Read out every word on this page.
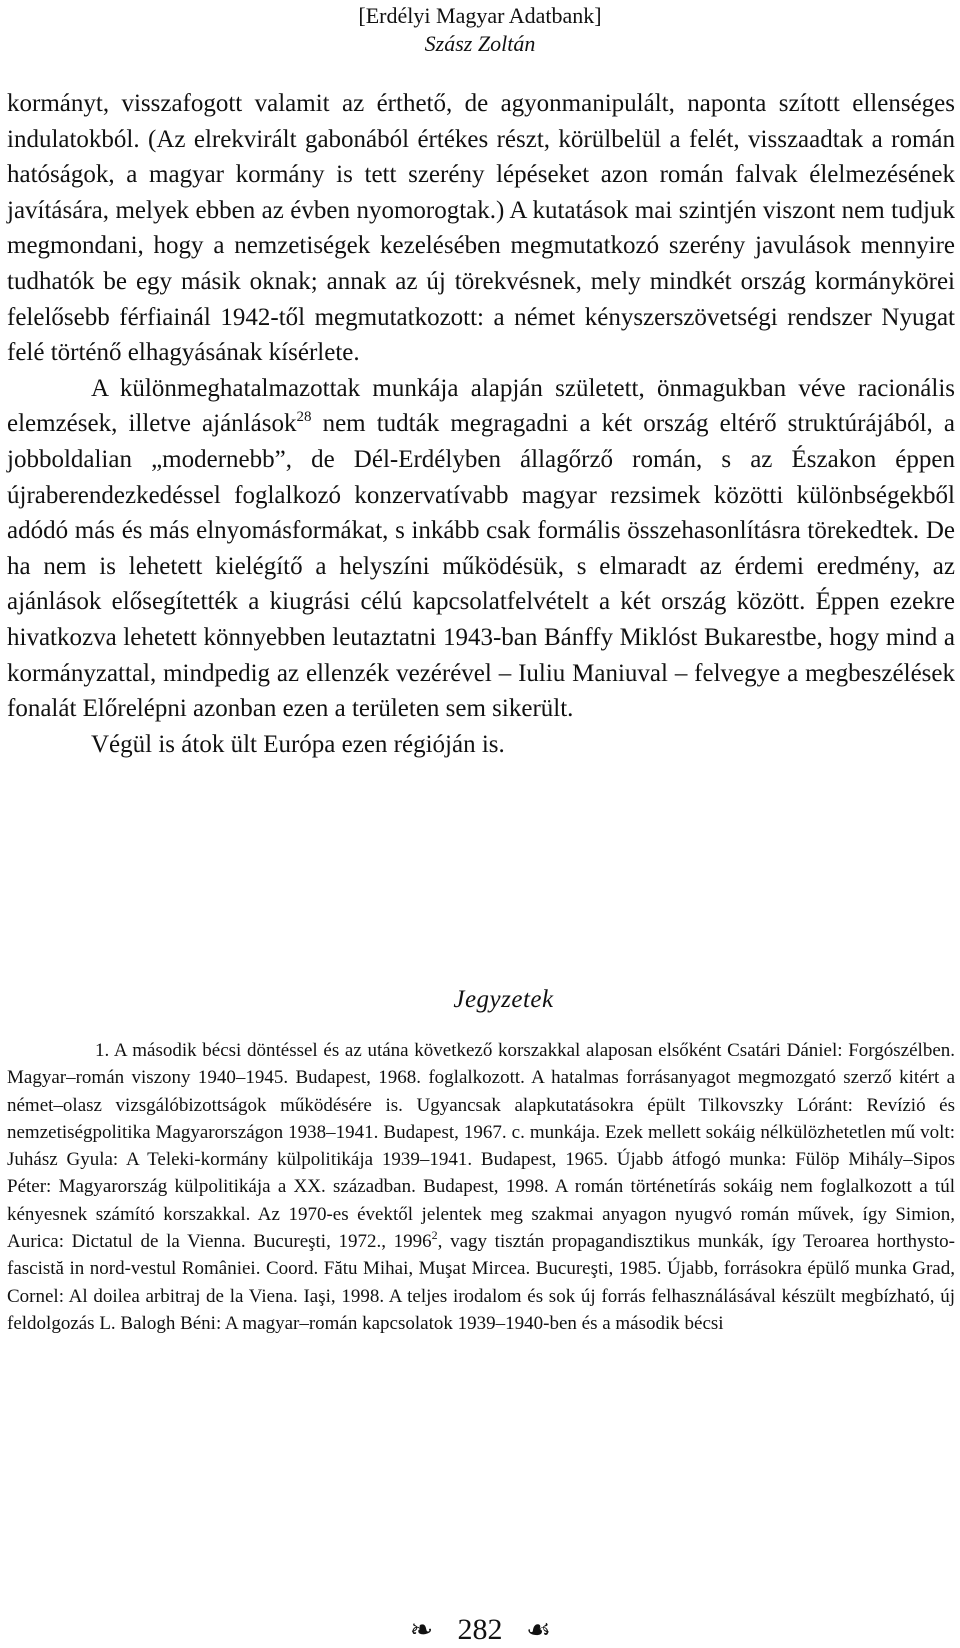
[Erdélyi Magyar Adatbank]
Szász Zoltán

kormányt, visszafogott valamit az érthető, de agyonmanipulált, naponta szított ellenséges indulatokból. (Az elrekvirált gabonából értékes részt, körülbelül a felét, visszaadtak a román hatóságok, a magyar kormány is tett szerény lépéseket azon román falvak élelmezésének javítására, melyek ebben az évben nyomorogtak.) A kutatások mai szintjén viszont nem tudjuk megmondani, hogy a nemzetiségek kezelésében megmutatkozó szerény javulások mennyire tudhatók be egy másik oknak; annak az új törekvésnek, mely mindkét ország kormánykörei felelősebb férfiainál 1942-től megmutatkozott: a német kényszerszövetségi rendszer Nyugat felé történő elhagyásának kísérlete.

A különmeghatalmazottak munkája alapján született, önmagukban véve racionális elemzések, illetve ajánlások$^{28}$ nem tudták megragadni a két ország eltérő struktúrájából, a jobboldalian „modernebb”, de Dél-Erdélyben állagőrző román, s az Északon éppen újraberendezkedéssel foglalkozó konzervatívabb magyar rezsimek közötti különbségekből adódó más és más elnyomásformákat, s inkább csak formális összehasonlításra törekedtek. De ha nem is lehetett kielégítő a helyszíni működésük, s elmaradt az érdemi eredmény, az ajánlások elősegítették a kiugrási célú kapcsolatfelvételt a két ország között. Éppen ezekre hivatkozva lehetett könnyebben leutaztatni 1943-ban Bánffy Miklóst Bukarestbe, hogy mind a kormányzattal, mindpedig az ellenzék vezérével – Iuliu Maniuval – felvegye a megbeszélések fonalát Előrelépni azonban ezen a területen sem sikerült.

Végül is átok ült Európa ezen régióján is.

Jegyzetek

1. A második bécsi döntéssel és az utána következő korszakkal alaposan elsőként Csatári Dániel: Forgószélben. Magyar–román viszony 1940–1945. Budapest, 1968. foglalkozott. A hatalmas forrásanyagot megmozgató szerző kitért a német–olasz vizsgálóbizottságok működésére is. Ugyancsak alapkutatásokra épült Tilkovszky Lóránt: Revízió és nemzetiségpolitika Magyarországon 1938–1941. Budapest, 1967. c. munkája. Ezek mellett sokáig nélkülözhetetlen mű volt: Juhász Gyula: A Teleki-kormány külpolitikája 1939–1941. Budapest, 1965. Újabb átfogó munka: Fülöp Mihály–Sipos Péter: Magyarország külpolitikája a XX. században. Budapest, 1998. A román történetírás sokáig nem foglalkozott a túl kényesnek számító korszakkal. Az 1970-es évektől jelentek meg szakmai anyagon nyugvó román művek, így Simion, Aurica: Dictatul de la Vienna. Bucureşti, 1972., 1996$^2$, vagy tisztán propagandisztikus munkák, így Teroarea horthysto-fascistă in nord-vestul României. Coord. Fătu Mihai, Muşat Mircea. Bucureşti, 1985. Újabb, forrásokra épülő munka Grad, Cornel: Al doilea arbitraj de la Viena. Iaşi, 1998. A teljes irodalom és sok új forrás felhasználásával készült megbízható, új feldolgozás L. Balogh Béni: A magyar–román kapcsolatok 1939–1940-ben és a második bécsi

❧ 282 ☙
